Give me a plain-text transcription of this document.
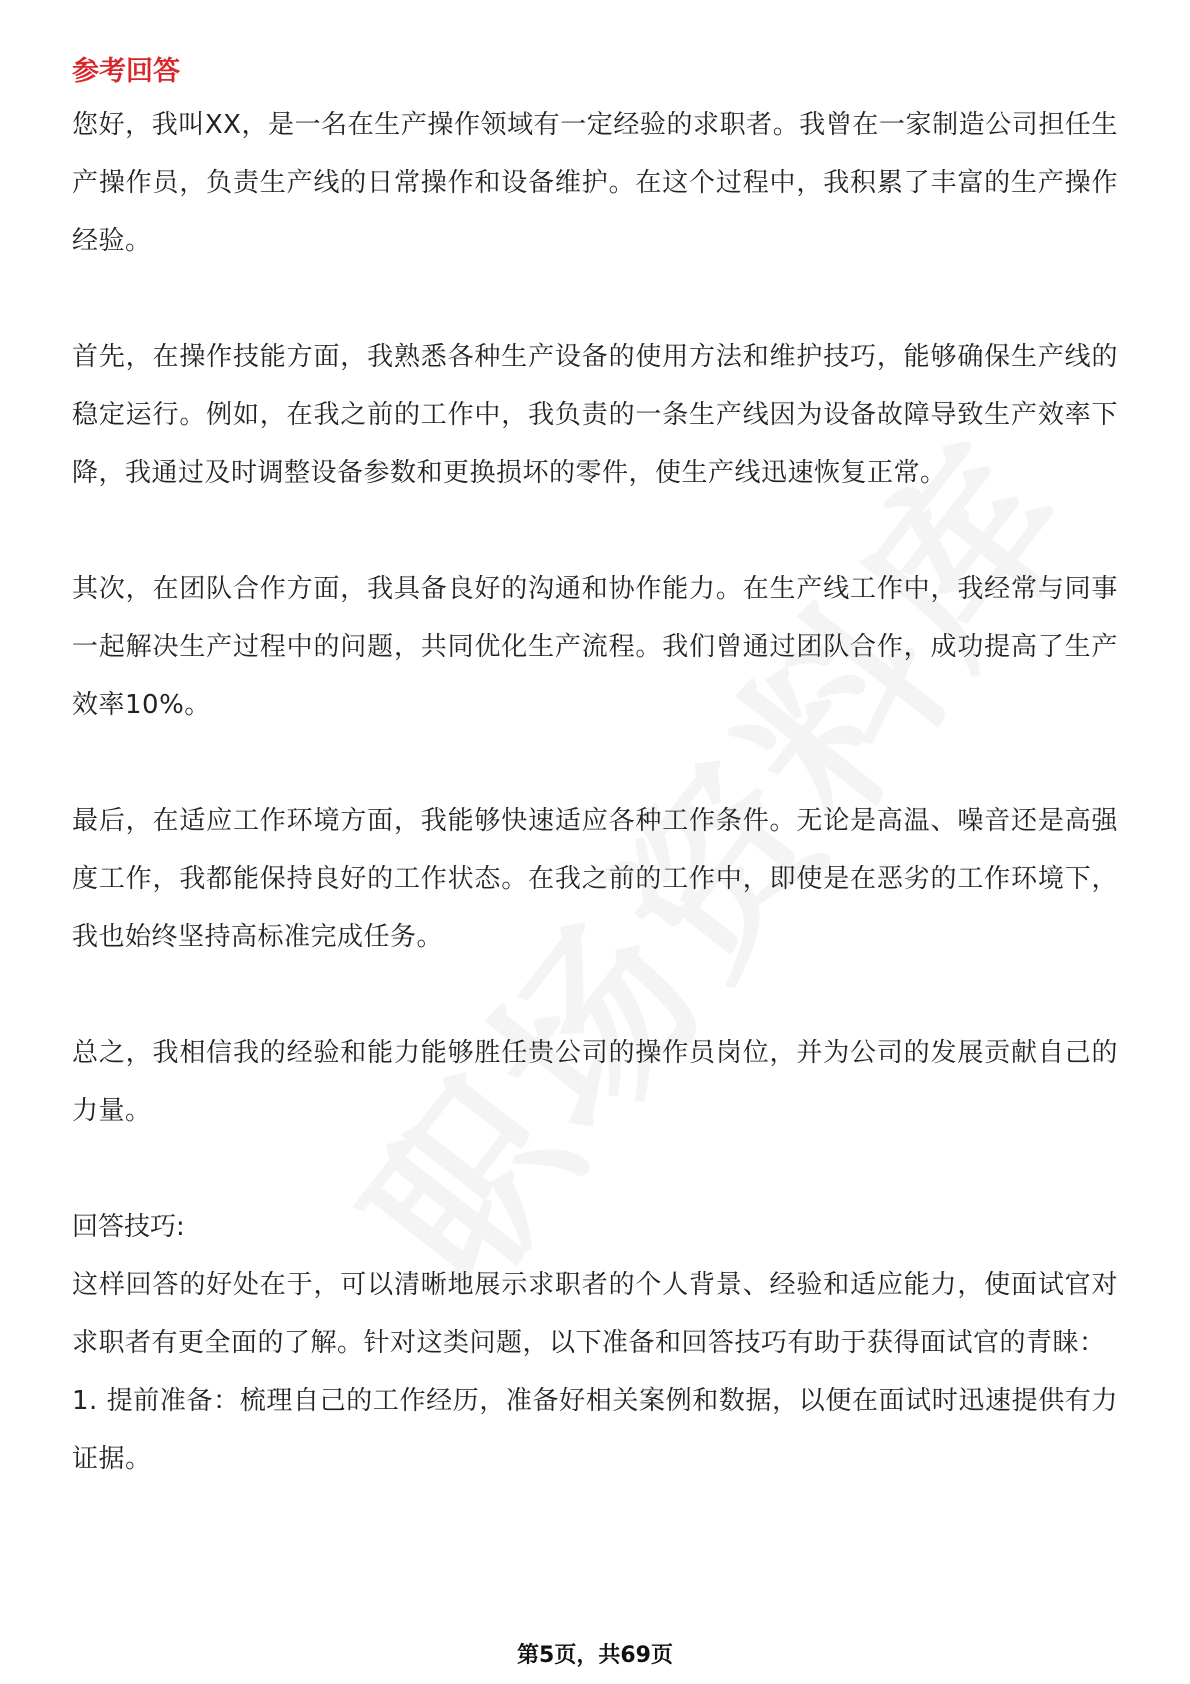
参考回答
您好，我叫XX，是一名在生产操作领域有一定经验的求职者。我曾在一家制造公司担任生产操作员，负责生产线的日常操作和设备维护。在这个过程中，我积累了丰富的生产操作经验。
首先，在操作技能方面，我熟悉各种生产设备的使用方法和维护技巧，能够确保生产线的稳定运行。例如，在我之前的工作中，我负责的一条生产线因为设备故障导致生产效率下降，我通过及时调整设备参数和更换损坏的零件，使生产线迅速恢复正常。
其次，在团队合作方面，我具备良好的沟通和协作能力。在生产线工作中，我经常与同事一起解决生产过程中的问题，共同优化生产流程。我们曾通过团队合作，成功提高了生产效率10%。
最后，在适应工作环境方面，我能够快速适应各种工作条件。无论是高温、噪音还是高强度工作，我都能保持良好的工作状态。在我之前的工作中，即使是在恶劣的工作环境下，我也始终坚持高标准完成任务。
总之，我相信我的经验和能力能够胜任贵公司的操作员岗位，并为公司的发展贡献自己的力量。
回答技巧:
这样回答的好处在于，可以清晰地展示求职者的个人背景、经验和适应能力，使面试官对求职者有更全面的了解。针对这类问题，以下准备和回答技巧有助于获得面试官的青睐：
1. 提前准备：梳理自己的工作经历，准备好相关案例和数据，以便在面试时迅速提供有力证据。
第5页，共69页
